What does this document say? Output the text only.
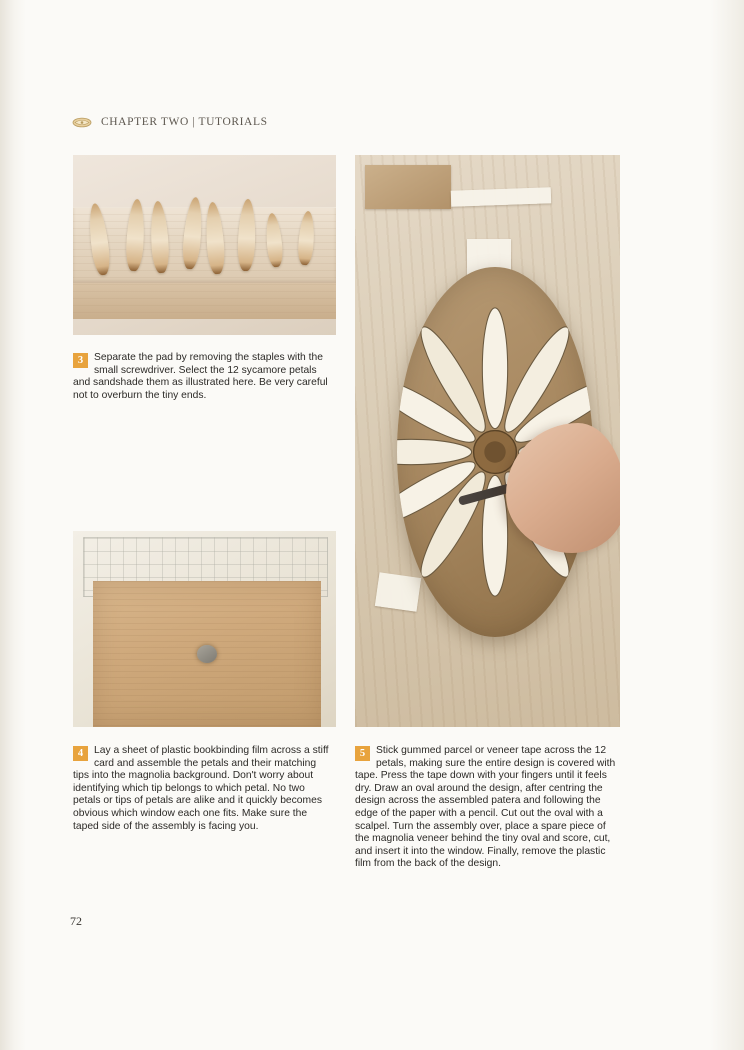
CHAPTER TWO | TUTORIALS
3	Separate the pad by removing the staples with the small screwdriver. Select the 12 sycamore petals and sandshade them as illustrated here. Be very careful not to overburn the tiny ends.

4	Lay a sheet of plastic bookbinding film across a stiff card and assemble the petals and their matching tips into the magnolia background. Don't worry about identifying which tip belongs to which petal. No two petals or tips of petals are alike and it quickly becomes obvious which window each one fits. Make sure the taped side of the assembly is facing you.

5	Stick gummed parcel or veneer tape across the 12 petals, making sure the entire design is covered with tape. Press the tape down with your fingers until it feels dry. Draw an oval around the design, after centring the design across the assembled patera and following the edge of the paper with a pencil. Cut out the oval with a scalpel. Turn the assembly over, place a spare piece of the magnolia veneer behind the tiny oval and score, cut, and insert it into the window. Finally, remove the plastic film from the back of the design.

72
